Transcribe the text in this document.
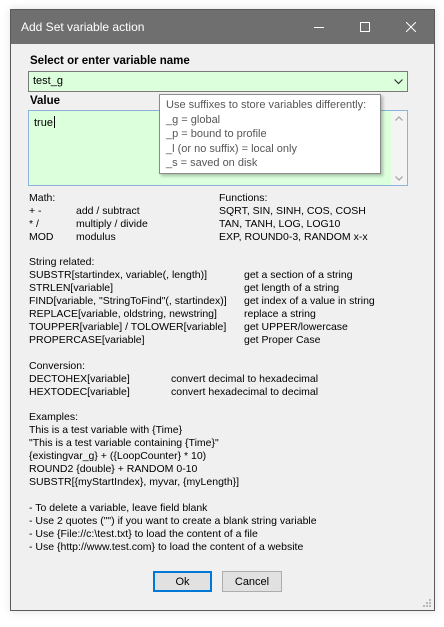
Add Set variable action
Select or enter variable name
test_g
Value
true
Use suffixes to store variables differently:
_g = global
_p = bound to profile
_l (or no suffix) = local only
_s = saved on disk
Math:	Functions:
+ -	add / subtract	SQRT, SIN, SINH, COS, COSH
* /	multiply / divide	TAN, TANH, LOG, LOG10
MOD modulus	EXP, ROUND0-3, RANDOM x-x
String related:
SUBSTR[startindex, variable(, length)]	get a section of a string
STRLEN[variable]	get length of a string
FIND[variable, "StringToFind"(, startindex)] get index of a value in string
REPLACE[variable, oldstring, newstring]	replace a string
TOUPPER[variable] / TOLOWER[variable] get UPPER/lowercase
PROPERCASE[variable]	get Proper Case
Conversion:
DECTOHEX[variable]	convert decimal to hexadecimal
HEXTODEC[variable]	convert hexadecimal to decimal
Examples:
This is a test variable with {Time}
"This is a test variable containing {Time}"
{existingvar_g} + ({LoopCounter} * 10)
ROUND2 {double} + RANDOM 0-10
SUBSTR[{myStartIndex}, myvar, {myLength}]
- To delete a variable, leave field blank
- Use 2 quotes ("") if you want to create a blank string variable
- Use {File://c:\test.txt} to load the content of a file
- Use {http://www.test.com} to load the content of a website
Ok	Cancel
